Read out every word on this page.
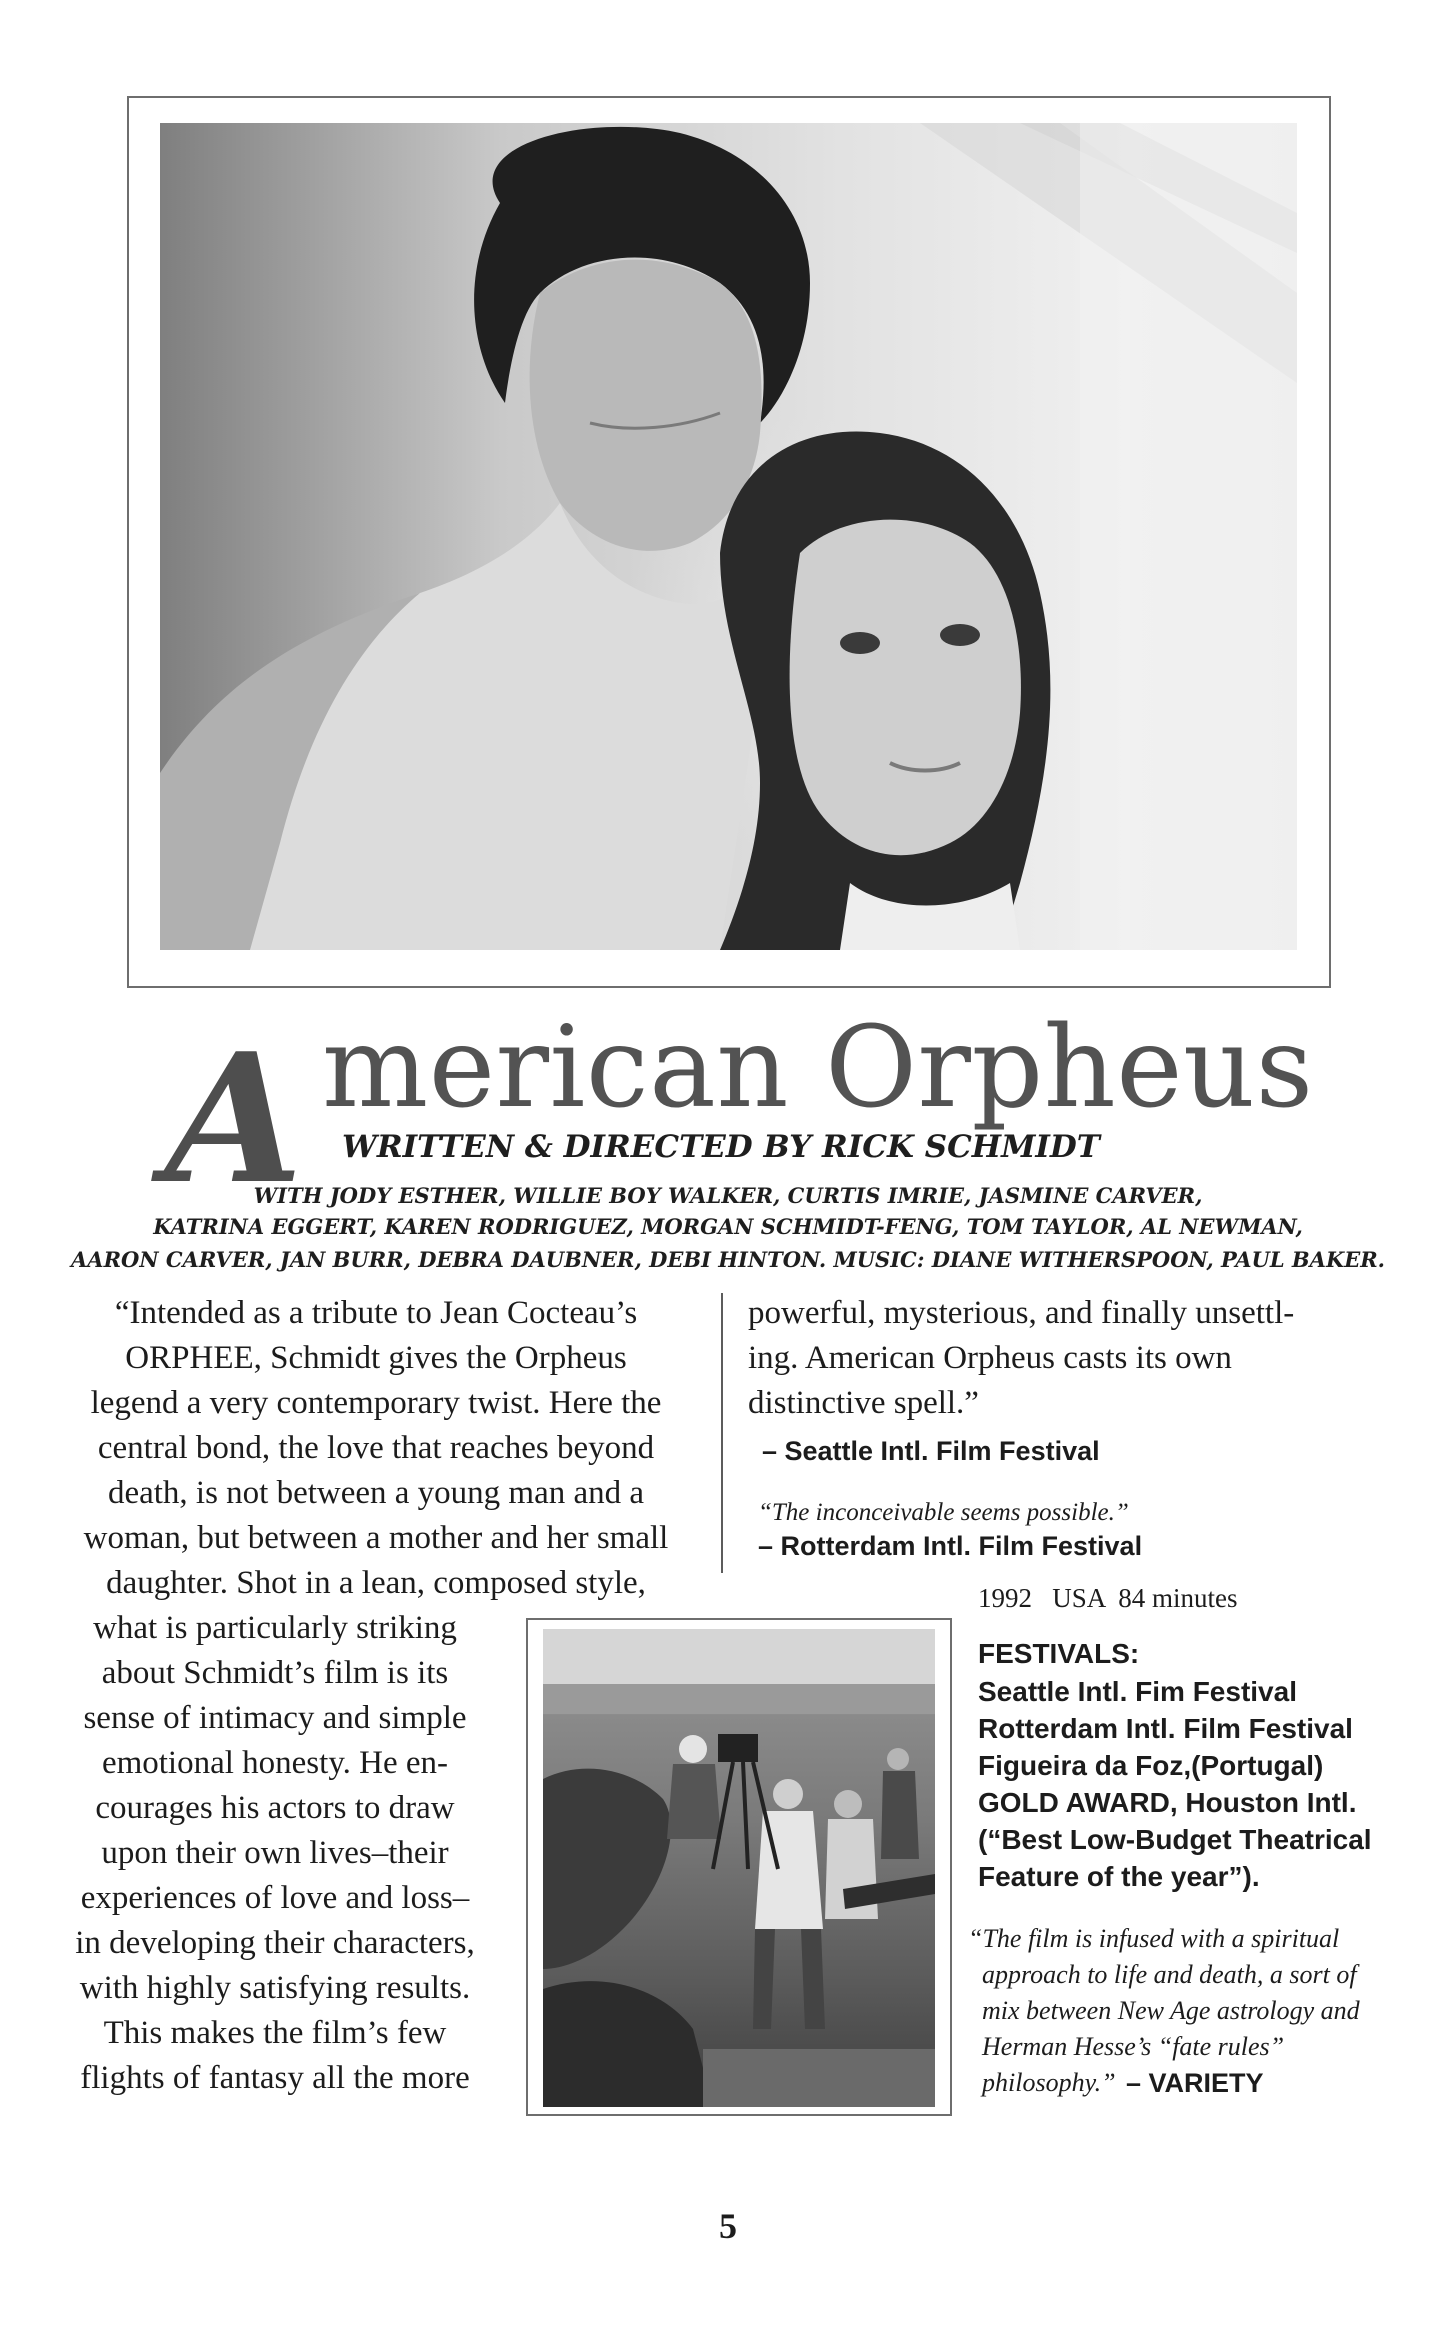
A merican Orpheus
WRITTEN & DIRECTED BY RICK SCHMIDT
WITH JODY ESTHER, WILLIE BOY WALKER, CURTIS IMRIE, JASMINE CARVER,
KATRINA EGGERT, KAREN RODRIGUEZ, MORGAN SCHMIDT-FENG, TOM TAYLOR, AL NEWMAN,
AARON CARVER, JAN BURR, DEBRA DAUBNER, DEBI HINTON. MUSIC: DIANE WITHERSPOON, PAUL BAKER.
“Intended as a tribute to Jean Cocteau’s
ORPHEE, Schmidt gives the Orpheus
legend a very contemporary twist. Here the
central bond, the love that reaches beyond
death, is not between a young man and a
woman, but between a mother and her small
daughter. Shot in a lean, composed style,
what is particularly striking
about Schmidt’s film is its
sense of intimacy and simple
emotional honesty. He en-
courages his actors to draw
upon their own lives–their
experiences of love and loss–
in developing their characters,
with highly satisfying results.
This makes the film’s few
flights of fantasy all the more
powerful, mysterious, and finally unsettl-
ing. American Orpheus casts its own
distinctive spell.”
– Seattle Intl. Film Festival
“The inconceivable seems possible.”
– Rotterdam Intl. Film Festival
1992   USA  84 minutes
FESTIVALS:
Seattle Intl. Fim Festival
Rotterdam Intl. Film Festival
Figueira da Foz,(Portugal)
GOLD AWARD, Houston Intl.
(“Best Low-Budget Theatrical
Feature of the year”).
“The film is infused with a spiritual
approach to life and death, a sort of
mix between New Age astrology and
Herman Hesse’s “fate rules”
philosophy.” – VARIETY
5
